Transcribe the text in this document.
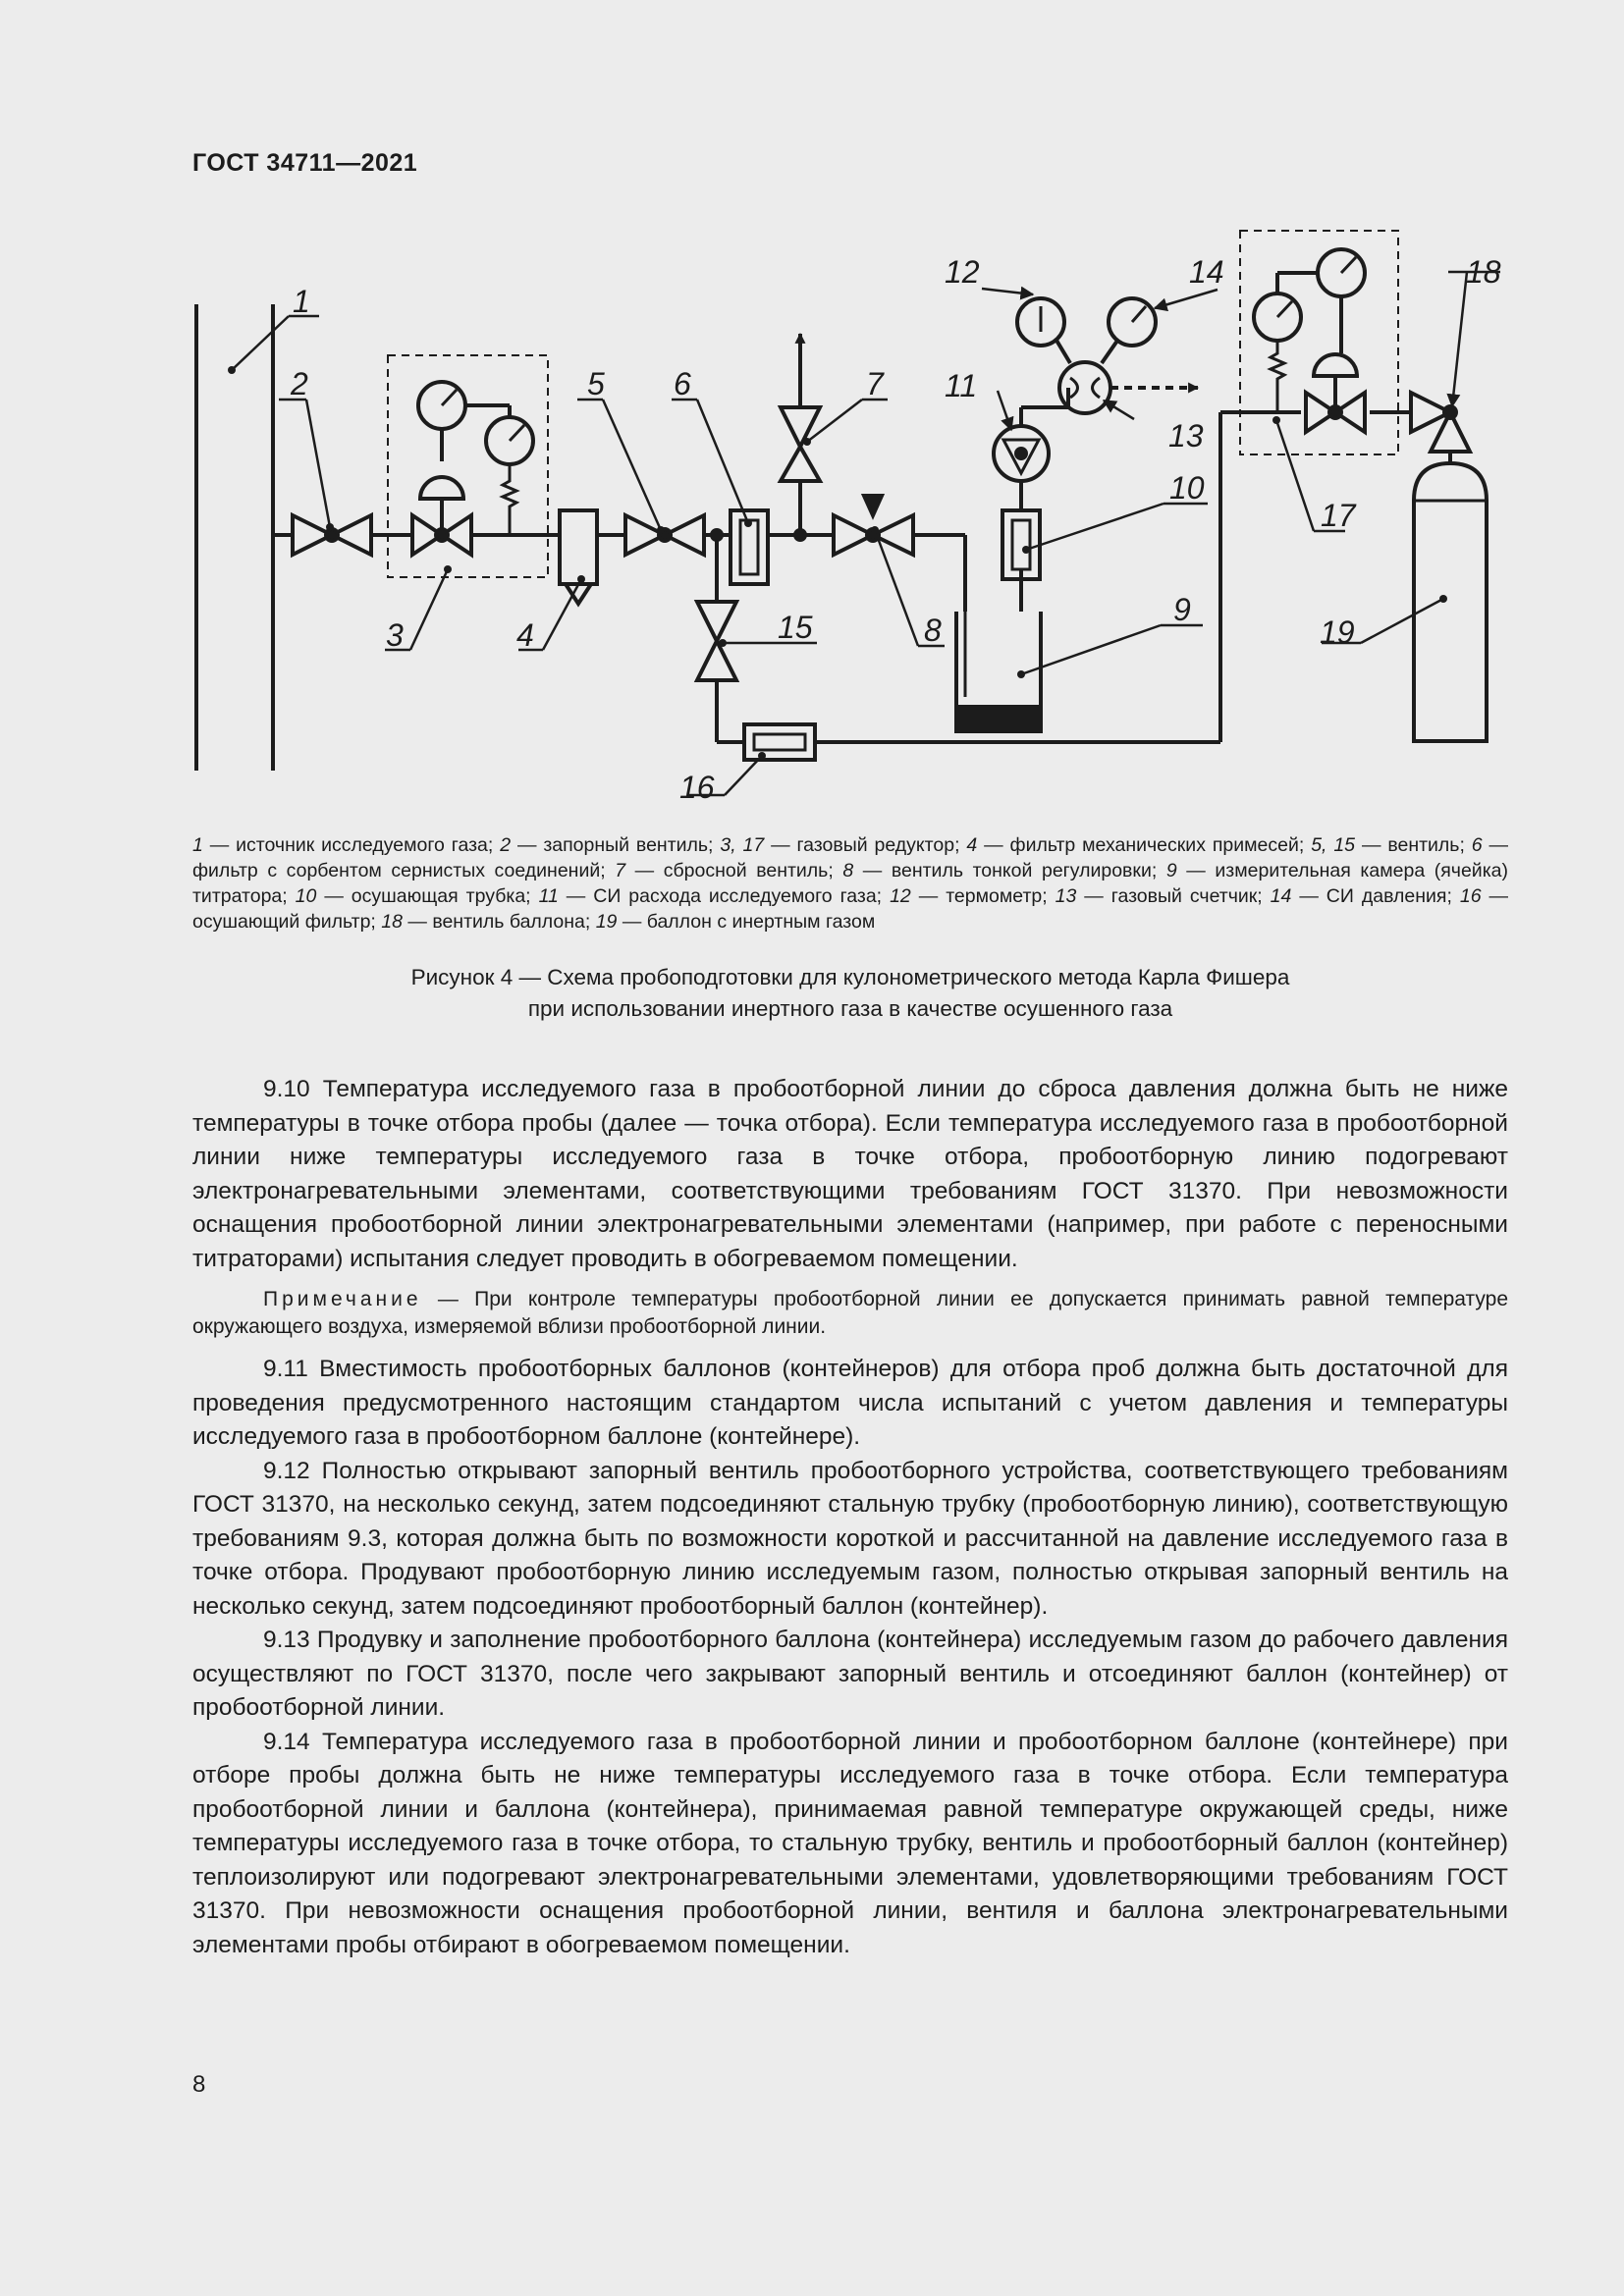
ГОСТ 34711—2021
1
2
3	4
5 6	7
8
9
10
11
12
13
14
15
16
17
18
19
1 — источник исследуемого газа; 2 — запорный вентиль; 3, 17 — газовый редуктор; 4 — фильтр механических примесей; 5, 15 — вентиль; 6 — фильтр с сорбентом сернистых соединений; 7 — сбросной вентиль; 8 — вентиль тонкой регулировки; 9 — измерительная камера (ячейка) титратора; 10 — осушающая трубка; 11 — СИ расхода исследуемого газа; 12 — термометр; 13 — газовый счетчик; 14 — СИ давления; 16 — осушающий фильтр; 18 — вентиль баллона; 19 — баллон с инертным газом
Рисунок 4 — Схема пробоподготовки для кулонометрического метода Карла Фишера
при использовании инертного газа в качестве осушенного газа

9.10 Температура исследуемого газа в пробоотборной линии до сброса давления должна быть не ниже температуры в точке отбора пробы (далее — точка отбора). Если температура исследуемого газа в пробоотборной линии ниже температуры исследуемого газа в точке отбора, пробоотборную линию подогревают электронагревательными элементами, соответствующими требованиям ГОСТ 31370. При невозможности оснащения пробоотборной линии электронагревательными элементами (например, при работе с переносными титраторами) испытания следует проводить в обогреваемом помещении.

Примечание — При контроле температуры пробоотборной линии ее допускается принимать равной температуре окружающего воздуха, измеряемой вблизи пробоотборной линии.

9.11 Вместимость пробоотборных баллонов (контейнеров) для отбора проб должна быть достаточной для проведения предусмотренного настоящим стандартом числа испытаний с учетом давления и температуры исследуемого газа в пробоотборном баллоне (контейнере).

9.12 Полностью открывают запорный вентиль пробоотборного устройства, соответствующего требованиям ГОСТ 31370, на несколько секунд, затем подсоединяют стальную трубку (пробоотборную линию), соответствующую требованиям 9.3, которая должна быть по возможности короткой и рассчитанной на давление исследуемого газа в точке отбора. Продувают пробоотборную линию исследуемым газом, полностью открывая запорный вентиль на несколько секунд, затем подсоединяют пробоотборный баллон (контейнер).

9.13 Продувку и заполнение пробоотборного баллона (контейнера) исследуемым газом до рабочего давления осуществляют по ГОСТ 31370, после чего закрывают запорный вентиль и отсоединяют баллон (контейнер) от пробоотборной линии.

9.14 Температура исследуемого газа в пробоотборной линии и пробоотборном баллоне (контейнере) при отборе пробы должна быть не ниже температуры исследуемого газа в точке отбора. Если температура пробоотборной линии и баллона (контейнера), принимаемая равной температуре окружающей среды, ниже температуры исследуемого газа в точке отбора, то стальную трубку, вентиль и пробоотборный баллон (контейнер) теплоизолируют или подогревают электронагревательными элементами, удовлетворяющими требованиям ГОСТ 31370. При невозможности оснащения пробоотборной линии, вентиля и баллона электронагревательными элементами пробы отбирают в обогреваемом помещении.

8
